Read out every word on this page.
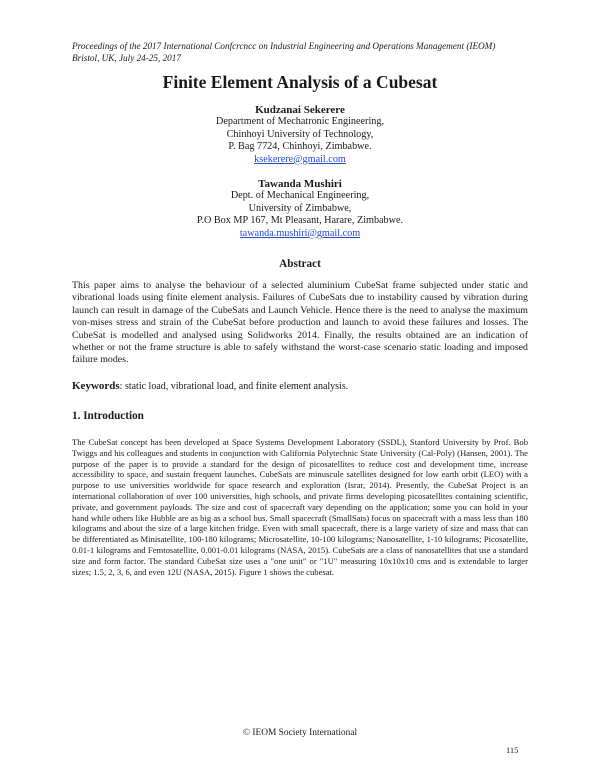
Proceedings of the 2017 International Confcrcncc on Industrial Engineering and Operations Management (IEOM)
Bristol, UK, July 24-25, 2017
Finite Element Analysis of a Cubesat
Kudzanai Sekerere
Department of Mechatronic Engineering,
Chinhoyi University of Technology,
P. Bag 7724, Chinhoyi, Zimbabwe.
ksekerere@gmail.com
Tawanda Mushiri
Dept. of Mechanical Engineering,
University of Zimbabwe,
P.O Box MP 167, Mt Pleasant, Harare, Zimbabwe.
tawanda.mushiri@gmail.com
Abstract

This paper aims to analyse the behaviour of a selected aluminium CubeSat frame subjected under static and vibrational loads using finite element analysis. Failures of CubeSats due to instability caused by vibration during launch can result in damage of the CubeSats and Launch Vehicle. Hence there is the need to analyse the maximum von-mises stress and strain of the CubeSat before production and launch to avoid these failures and losses. The CubeSat is modelled and analysed using Solidworks 2014. Finally, the results obtained are an indication of whether or not the frame structure is able to safely withstand the worst-case scenario static loading and imposed failure modes.

Keywords: static load, vibrational load, and finite element analysis.

1. Introduction

The CubeSat concept has been developed at Space Systems Development Laboratory (SSDL), Stanford University by Prof. Bob Twiggs and his colleagues and students in conjunction with California Polytechnic State University (Cal-Poly) (Hansen, 2001). The purpose of the paper is to provide a standard for the design of picosatellites to reduce cost and development time, increase accessibility to space, and sustain frequent launches. CubeSats are minuscule satellites designed for low earth orbit (LEO) with a purpose to use universities worldwide for space research and exploration (Israr, 2014). Presently, the CubeSat Project is an international collaboration of over 100 universities, high schools, and private firms developing picosatellites containing scientific, private, and government payloads. The size and cost of spacecraft vary depending on the application; some you can hold in your hand while others like Hubble are as big as a school bus. Small spacecraft (SmallSats) focus on spacecraft with a mass less than 180 kilograms and about the size of a large kitchen fridge. Even with small spacecraft, there is a large variety of size and mass that can be differentiated as Minisatellite, 100-180 kilograms; Microsatellite, 10-100 kilograms; Nanosatellite, 1-10 kilograms; Picosatellite, 0.01-1 kilograms and Femtosatellite, 0.001-0.01 kilograms (NASA, 2015). CubeSats are a class of nanosatellites that use a standard size and form factor. The standard CubeSat size uses a "one unit" or "1U" measuring 10x10x10 cms and is extendable to larger sizes; 1.5, 2, 3, 6, and even 12U (NASA, 2015). Figure 1 shows the cubesat.

© IEOM Society International
115
